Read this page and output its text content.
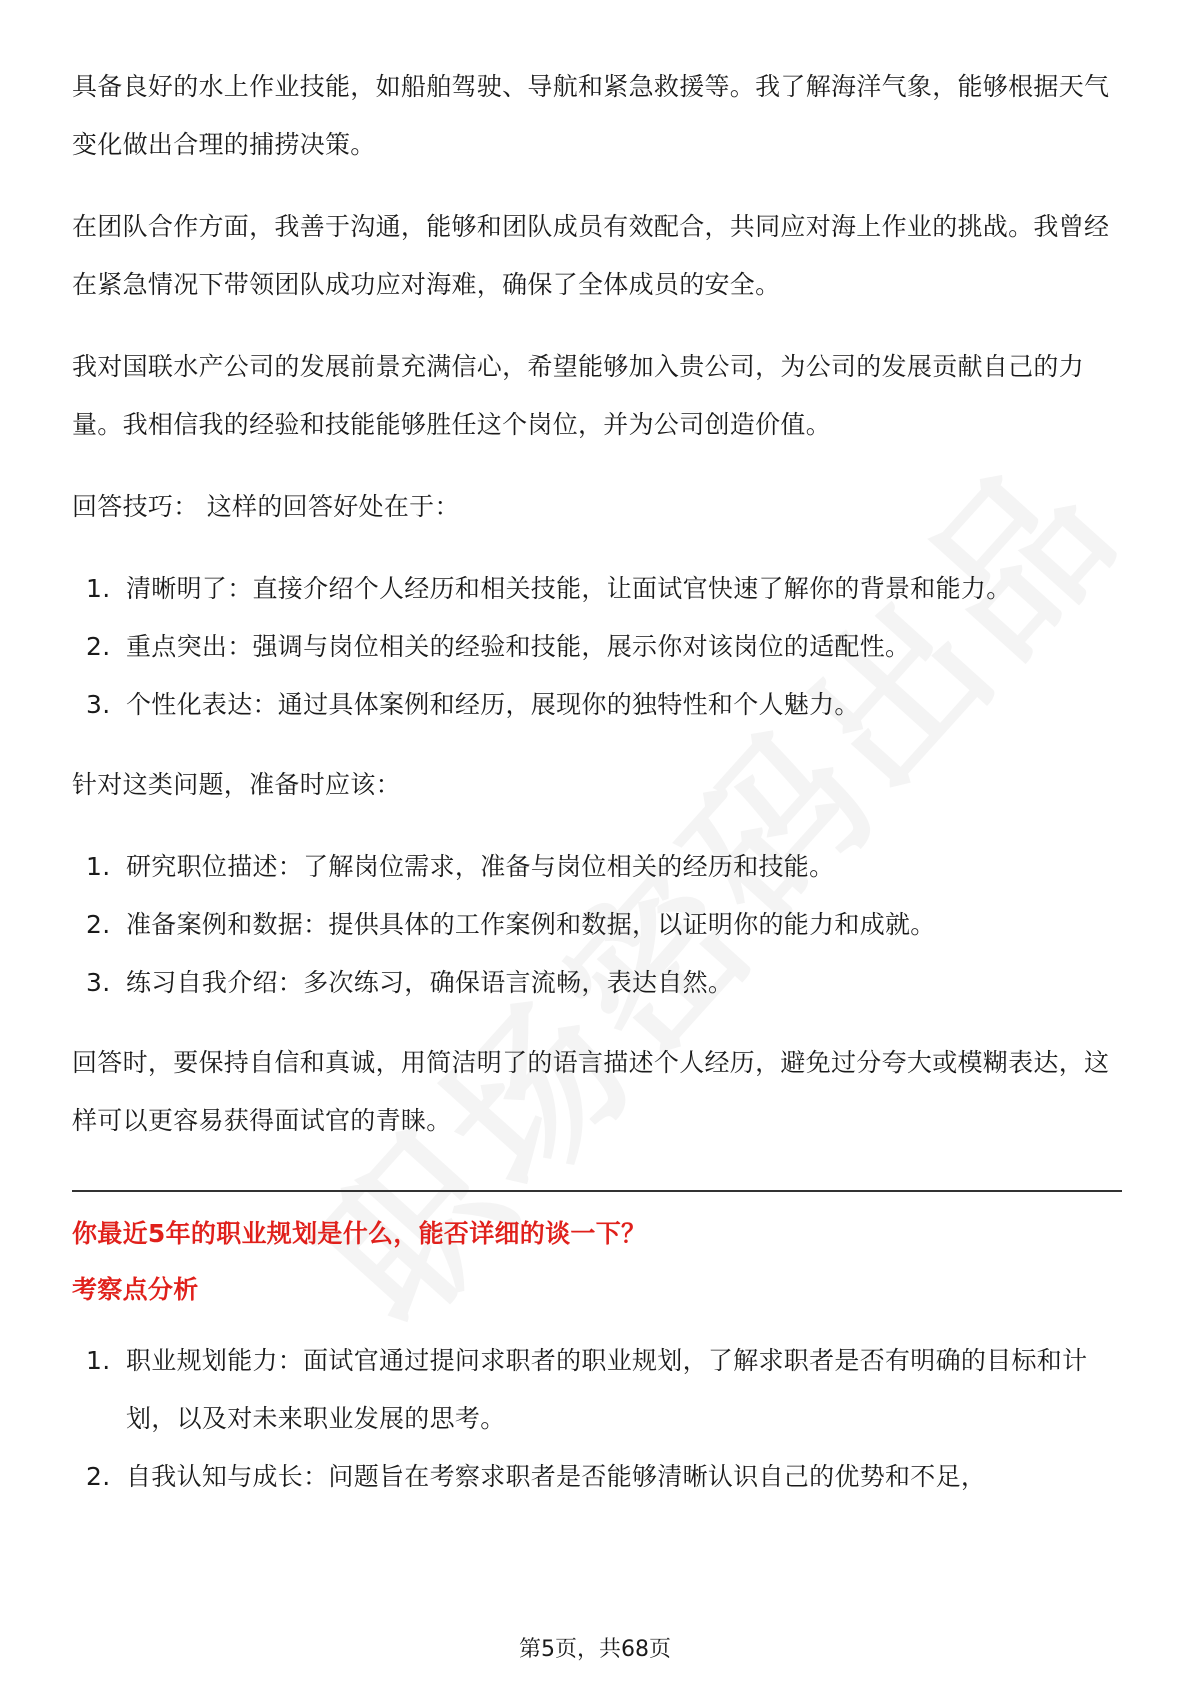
具备良好的水上作业技能，如船舶驾驶、导航和紧急救援等。我了解海洋气象，能够根据天气变化做出合理的捕捞决策。

在团队合作方面，我善于沟通，能够和团队成员有效配合，共同应对海上作业的挑战。我曾经在紧急情况下带领团队成功应对海难，确保了全体成员的安全。

我对国联水产公司的发展前景充满信心，希望能够加入贵公司，为公司的发展贡献自己的力量。我相信我的经验和技能能够胜任这个岗位，并为公司创造价值。

回答技巧： 这样的回答好处在于：

1. 清晰明了：直接介绍个人经历和相关技能，让面试官快速了解你的背景和能力。
2. 重点突出：强调与岗位相关的经验和技能，展示你对该岗位的适配性。
3. 个性化表达：通过具体案例和经历，展现你的独特性和个人魅力。

针对这类问题，准备时应该：

1. 研究职位描述：了解岗位需求，准备与岗位相关的经历和技能。
2. 准备案例和数据：提供具体的工作案例和数据，以证明你的能力和成就。
3. 练习自我介绍：多次练习，确保语言流畅，表达自然。

回答时，要保持自信和真诚，用简洁明了的语言描述个人经历，避免过分夸大或模糊表达，这样可以更容易获得面试官的青睐。

你最近5年的职业规划是什么，能否详细的谈一下？

考察点分析

1. 职业规划能力：面试官通过提问求职者的职业规划，了解求职者是否有明确的目标和计划，以及对未来职业发展的思考。
2. 自我认知与成长：问题旨在考察求职者是否能够清晰认识自己的优势和不足，
第5页，共68页
